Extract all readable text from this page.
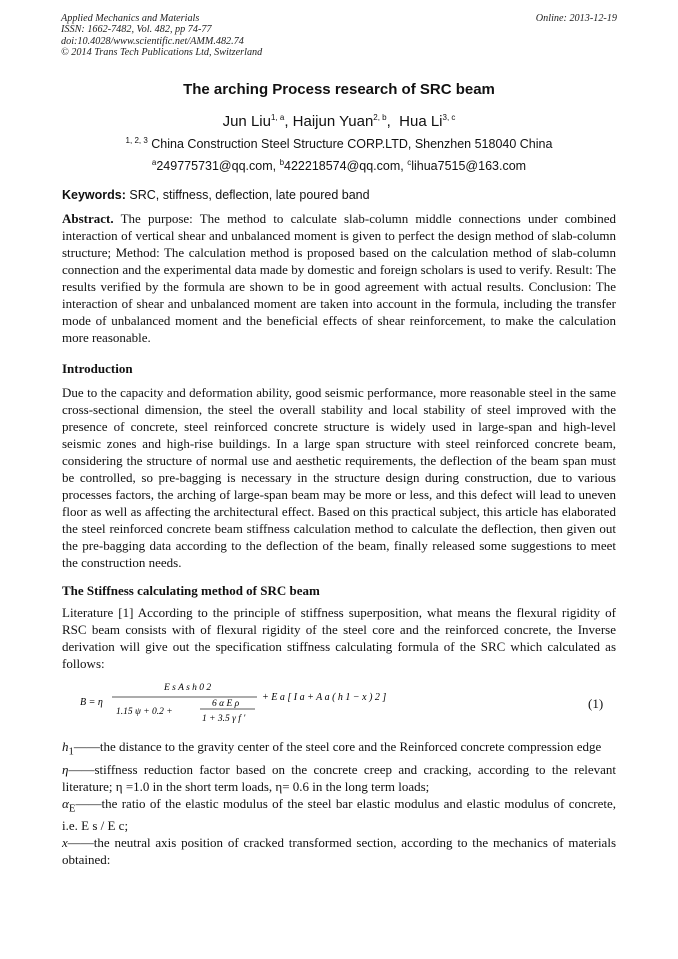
Applied Mechanics and Materials
ISSN: 1662-7482, Vol. 482, pp 74-77
doi:10.4028/www.scientific.net/AMM.482.74
© 2014 Trans Tech Publications Ltd, Switzerland
Online: 2013-12-19
The arching Process research of SRC beam
Jun Liu$^{1, a}$, Haijun Yuan$^{2, b}$,  Hua Li$^{3, c}$
$^{1, 2, 3}$ China Construction Steel Structure CORP.LTD, Shenzhen 518040 China
$^a$249775731@qq.com, $^b$422218574@qq.com, $^c$lihua7515@163.com
Keywords: SRC, stiffness, deflection, late poured band
Abstract. The purpose: The method to calculate slab-column middle connections under combined interaction of vertical shear and unbalanced moment is given to perfect the design method of slab-column structure; Method: The calculation method is proposed based on the calculation method of slab-column connection and the experimental data made by domestic and foreign scholars is used to verify. Result: The results verified by the formula are shown to be in good agreement with actual results. Conclusion: The interaction of shear and unbalanced moment are taken into account in the formula, including the transfer mode of unbalanced moment and the beneficial effects of shear reinforcement, to make the calculation more reasonable.
Introduction
Due to the capacity and deformation ability, good seismic performance, more reasonable steel in the same cross-sectional dimension, the steel the overall stability and local stability of steel improved with the presence of concrete, steel reinforced concrete structure is widely used in large-span and high-level seismic zones and high-rise buildings. In a large span structure with steel reinforced concrete beam, considering the structure of normal use and aesthetic requirements, the deflection of the beam span must be controlled, so pre-bagging is necessary in the structure design during construction, due to various processes factors, the arching of large-span beam may be more or less, and this defect will lead to uneven floor as well as affecting the architectural effect. Based on this practical subject, this article has elaborated the steel reinforced concrete beam stiffness calculation method to calculate the deflection, then given out the pre-bagging data according to the deflection of the beam, finally released some suggestions to meet the construction needs.
The Stiffness calculating method of SRC beam
Literature [1] According to the principle of stiffness superposition, what means the flexural rigidity of RSC beam consists with of flexural rigidity of the steel core and the reinforced concrete, the Inverse derivation will give out the specification stiffness calculating formula of the SRC which calculated as follows:
B = η
E s A s h 0 2
1.15 ψ + 0.2 +
6 α E ρ
1 + 3.5 γ f ′
+ E a [ I a + A a ( h 1 − x ) 2 ]	(1)

$h_1——the$ distance to the gravity center of the steel core and the Reinforced concrete compression edge

η——stiffness reduction factor based on the concrete creep and cracking, according to the relevant literature; η =1.0 in the short term loads, η= 0.6 in the long term loads;

$\alpha_E——the$ ratio of the elastic modulus of the steel bar elastic modulus and elastic modulus of concrete, i.e. E s / E c;

x——the neutral axis position of cracked transformed section, according to the mechanics of materials obtained:
